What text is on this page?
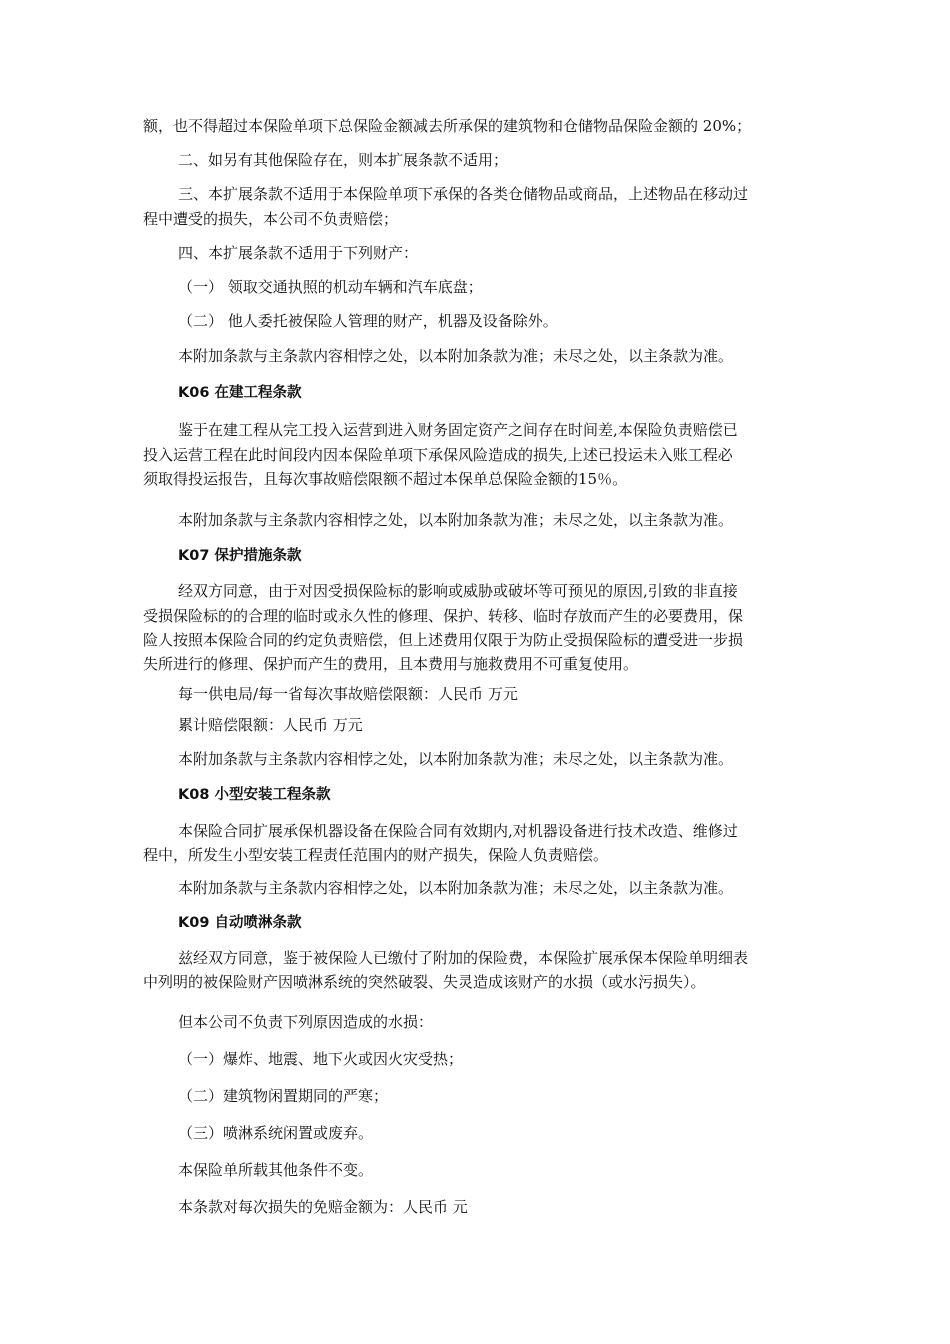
额，也不得超过本保险单项下总保险金额减去所承保的建筑物和仓储物品保险金额的 20%；
二、如另有其他保险存在，则本扩展条款不适用；
三、本扩展条款不适用于本保险单项下承保的各类仓储物品或商品，上述物品在移动过
程中遭受的损失，本公司不负责赔偿；
四、本扩展条款不适用于下列财产：
（一） 领取交通执照的机动车辆和汽车底盘；
（二） 他人委托被保险人管理的财产，机器及设备除外。
本附加条款与主条款内容相悖之处，以本附加条款为准；未尽之处，以主条款为准。
K06 在建工程条款
鉴于在建工程从完工投入运营到进入财务固定资产之间存在时间差,本保险负责赔偿已
投入运营工程在此时间段内因本保险单项下承保风险造成的损失,上述已投运未入账工程必
须取得投运报告，且每次事故赔偿限额不超过本保单总保险金额的15％。
本附加条款与主条款内容相悖之处，以本附加条款为准；未尽之处，以主条款为准。
K07 保护措施条款
经双方同意，由于对因受损保险标的影响或威胁或破坏等可预见的原因,引致的非直接
受损保险标的的合理的临时或永久性的修理、保护、转移、临时存放而产生的必要费用，保
险人按照本保险合同的约定负责赔偿，但上述费用仅限于为防止受损保险标的遭受进一步损
失所进行的修理、保护而产生的费用，且本费用与施救费用不可重复使用。
每一供电局/每一省每次事故赔偿限额：人民币 万元
累计赔偿限额：人民币 万元
本附加条款与主条款内容相悖之处，以本附加条款为准；未尽之处，以主条款为准。
K08 小型安装工程条款
本保险合同扩展承保机器设备在保险合同有效期内,对机器设备进行技术改造、维修过
程中，所发生小型安装工程责任范围内的财产损失，保险人负责赔偿。
本附加条款与主条款内容相悖之处，以本附加条款为准；未尽之处，以主条款为准。
K09 自动喷淋条款
兹经双方同意，鉴于被保险人已缴付了附加的保险费，本保险扩展承保本保险单明细表
中列明的被保险财产因喷淋系统的突然破裂、失灵造成该财产的水损（或水污损失）。
但本公司不负责下列原因造成的水损：
（一）爆炸、地震、地下火或因火灾受热；
（二）建筑物闲置期同的严寒；
（三）喷淋系统闲置或废弃。
本保险单所载其他条件不变。
本条款对每次损失的免赔金额为：人民币 元
